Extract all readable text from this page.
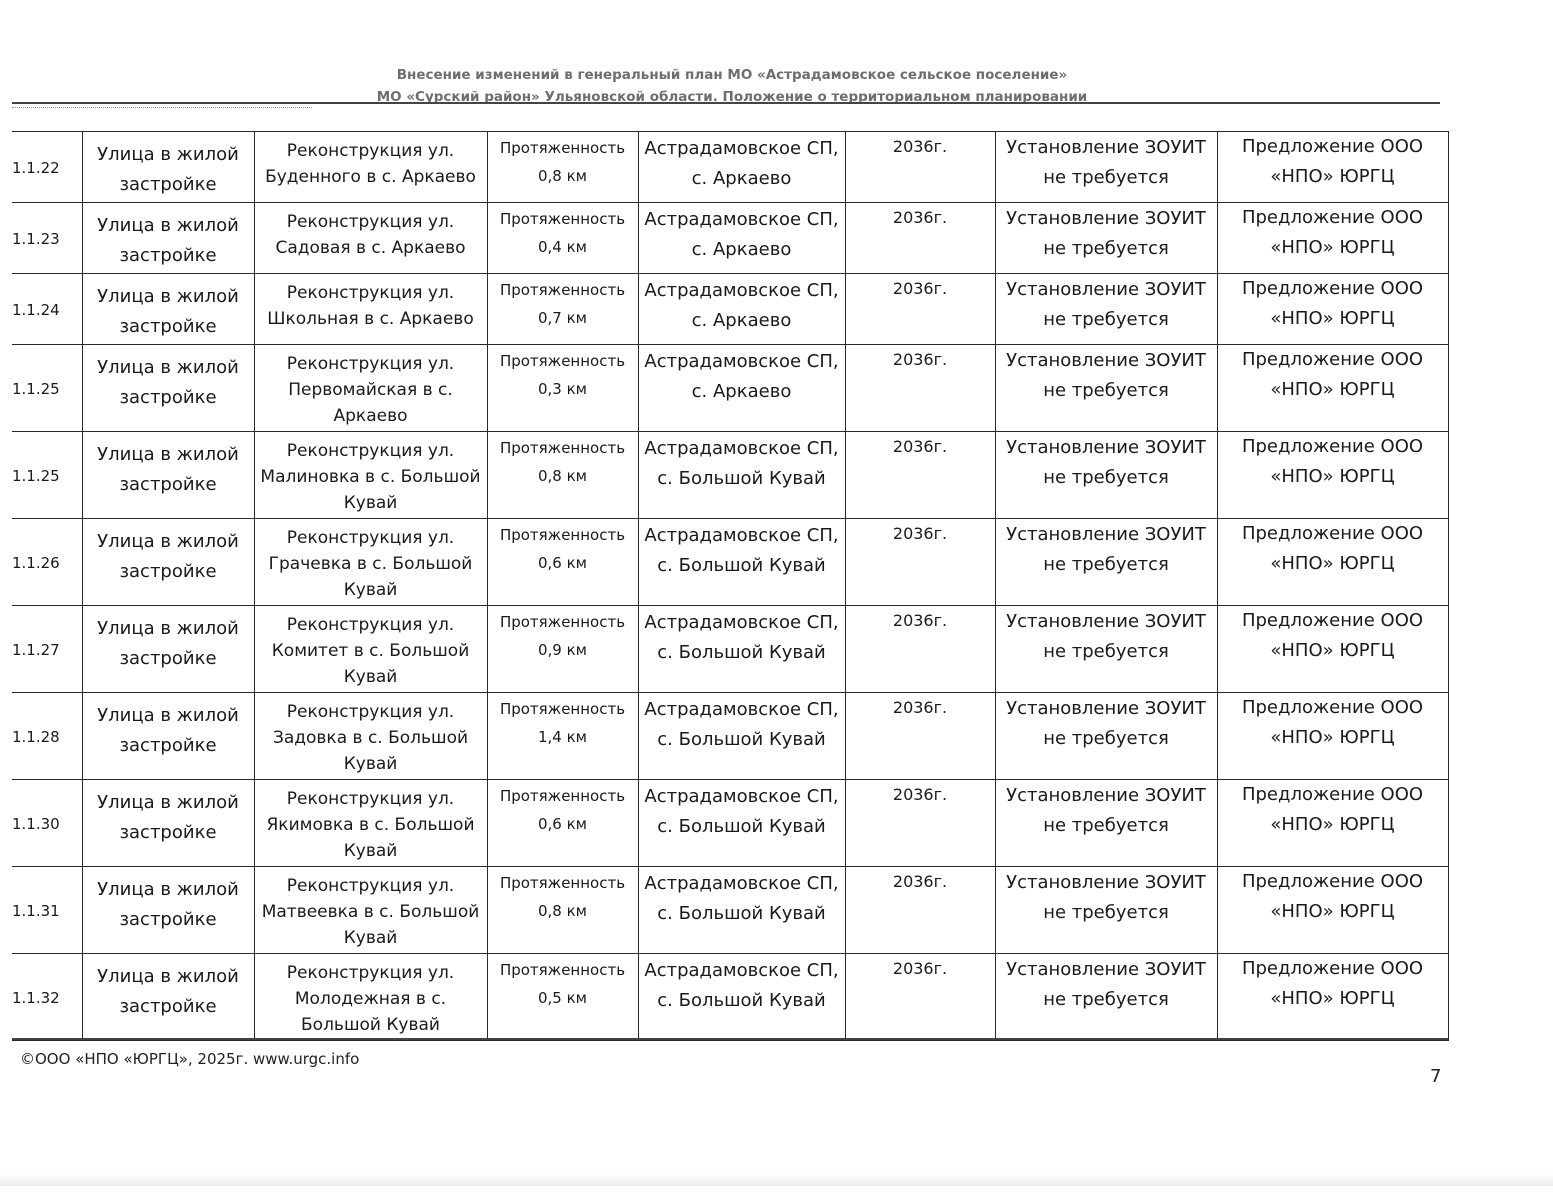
Внесение изменений в генеральный план МО «Астрадамовское сельское поселение»
МО «Сурский район» Ульяновской области. Положение о территориальном планировании
1.1.22	Улица в жилой застройке	Реконструкция ул. Буденного в с. Аркаево	Протяженность 0,8 км	Астрадамовское СП, с. Аркаево	2036г.	Установление ЗОУИТ не требуется	Предложение ООО «НПО» ЮРГЦ
1.1.23	Улица в жилой застройке	Реконструкция ул. Садовая в с. Аркаево	Протяженность 0,4 км	Астрадамовское СП, с. Аркаево	2036г.	Установление ЗОУИТ не требуется	Предложение ООО «НПО» ЮРГЦ
1.1.24	Улица в жилой застройке	Реконструкция ул. Школьная в с. Аркаево	Протяженность 0,7 км	Астрадамовское СП, с. Аркаево	2036г.	Установление ЗОУИТ не требуется	Предложение ООО «НПО» ЮРГЦ
1.1.25	Улица в жилой застройке	Реконструкция ул. Первомайская в с. Аркаево	Протяженность 0,3 км	Астрадамовское СП, с. Аркаево	2036г.	Установление ЗОУИТ не требуется	Предложение ООО «НПО» ЮРГЦ
1.1.25	Улица в жилой застройке	Реконструкция ул. Малиновка в с. Большой Кувай	Протяженность 0,8 км	Астрадамовское СП, с. Большой Кувай	2036г.	Установление ЗОУИТ не требуется	Предложение ООО «НПО» ЮРГЦ
1.1.26	Улица в жилой застройке	Реконструкция ул. Грачевка в с. Большой Кувай	Протяженность 0,6 км	Астрадамовское СП, с. Большой Кувай	2036г.	Установление ЗОУИТ не требуется	Предложение ООО «НПО» ЮРГЦ
1.1.27	Улица в жилой застройке	Реконструкция ул. Комитет в с. Большой Кувай	Протяженность 0,9 км	Астрадамовское СП, с. Большой Кувай	2036г.	Установление ЗОУИТ не требуется	Предложение ООО «НПО» ЮРГЦ
1.1.28	Улица в жилой застройке	Реконструкция ул. Задовка в с. Большой Кувай	Протяженность 1,4 км	Астрадамовское СП, с. Большой Кувай	2036г.	Установление ЗОУИТ не требуется	Предложение ООО «НПО» ЮРГЦ
1.1.30	Улица в жилой застройке	Реконструкция ул. Якимовка в с. Большой Кувай	Протяженность 0,6 км	Астрадамовское СП, с. Большой Кувай	2036г.	Установление ЗОУИТ не требуется	Предложение ООО «НПО» ЮРГЦ
1.1.31	Улица в жилой застройке	Реконструкция ул. Матвеевка в с. Большой Кувай	Протяженность 0,8 км	Астрадамовское СП, с. Большой Кувай	2036г.	Установление ЗОУИТ не требуется	Предложение ООО «НПО» ЮРГЦ
1.1.32	Улица в жилой застройке	Реконструкция ул. Молодежная в с. Большой Кувай	Протяженность 0,5 км	Астрадамовское СП, с. Большой Кувай	2036г.	Установление ЗОУИТ не требуется	Предложение ООО «НПО» ЮРГЦ
©ООО «НПО «ЮРГЦ», 2025г. www.urgc.info
7
